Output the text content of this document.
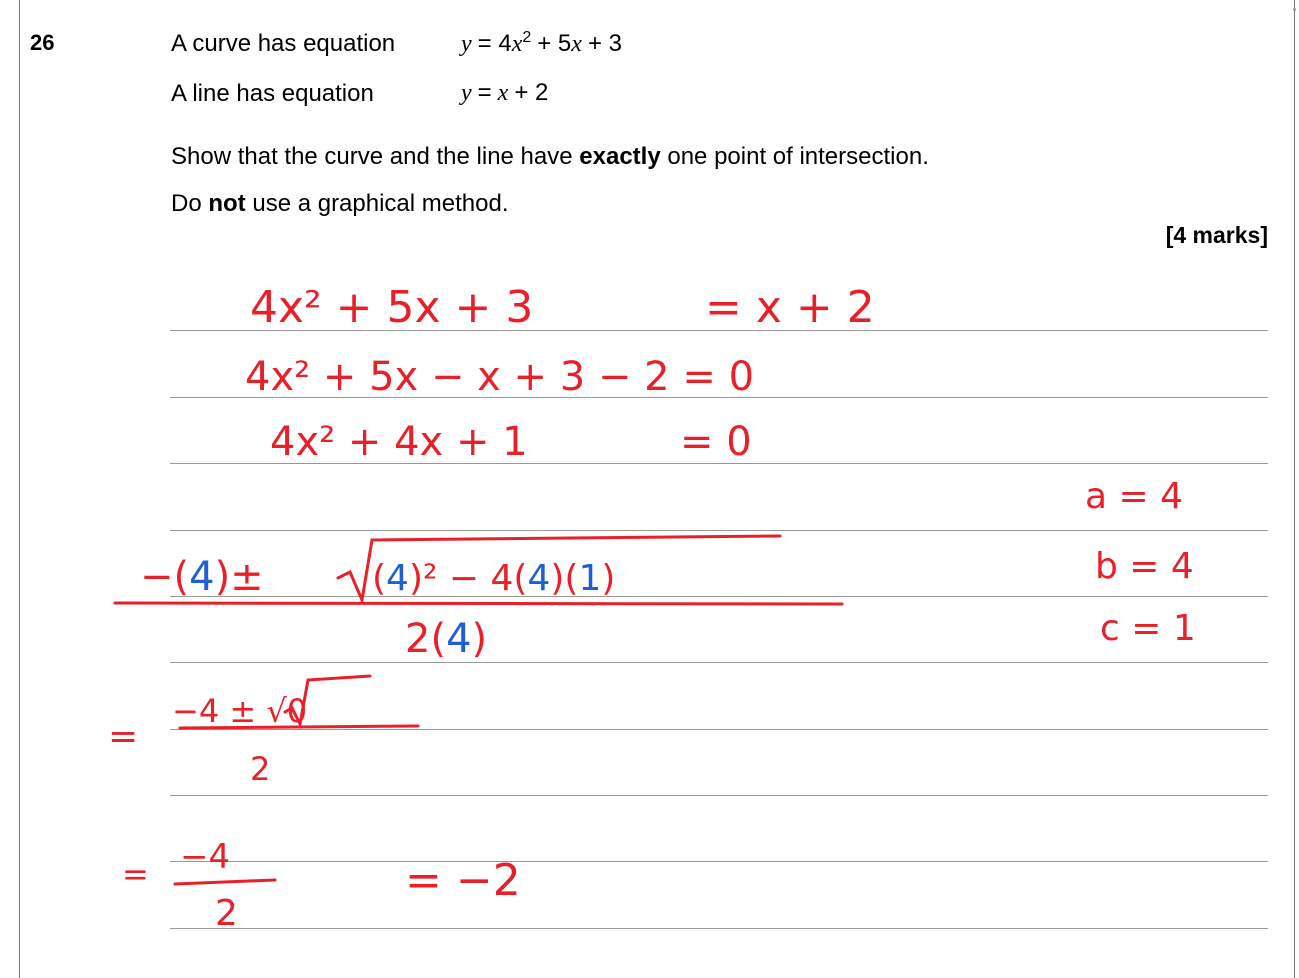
26	A curve has equation	$y = 4x^2 + 5x + 3$
A line has equation	y = x + 2
Show that the curve and the line have exactly one point of intersection.
Do not use a graphical method.
[4 marks]
4x² + 5x + 3	= x + 2
4x² + 5x − x + 3 − 2 = 0
4x² + 4x + 1	= 0
a = 4
b = 4
c = 1
−(4)±	(4)² − 4(4)(1)
2(4)
=
−4 ± √0
2
= −4
2
= −2
